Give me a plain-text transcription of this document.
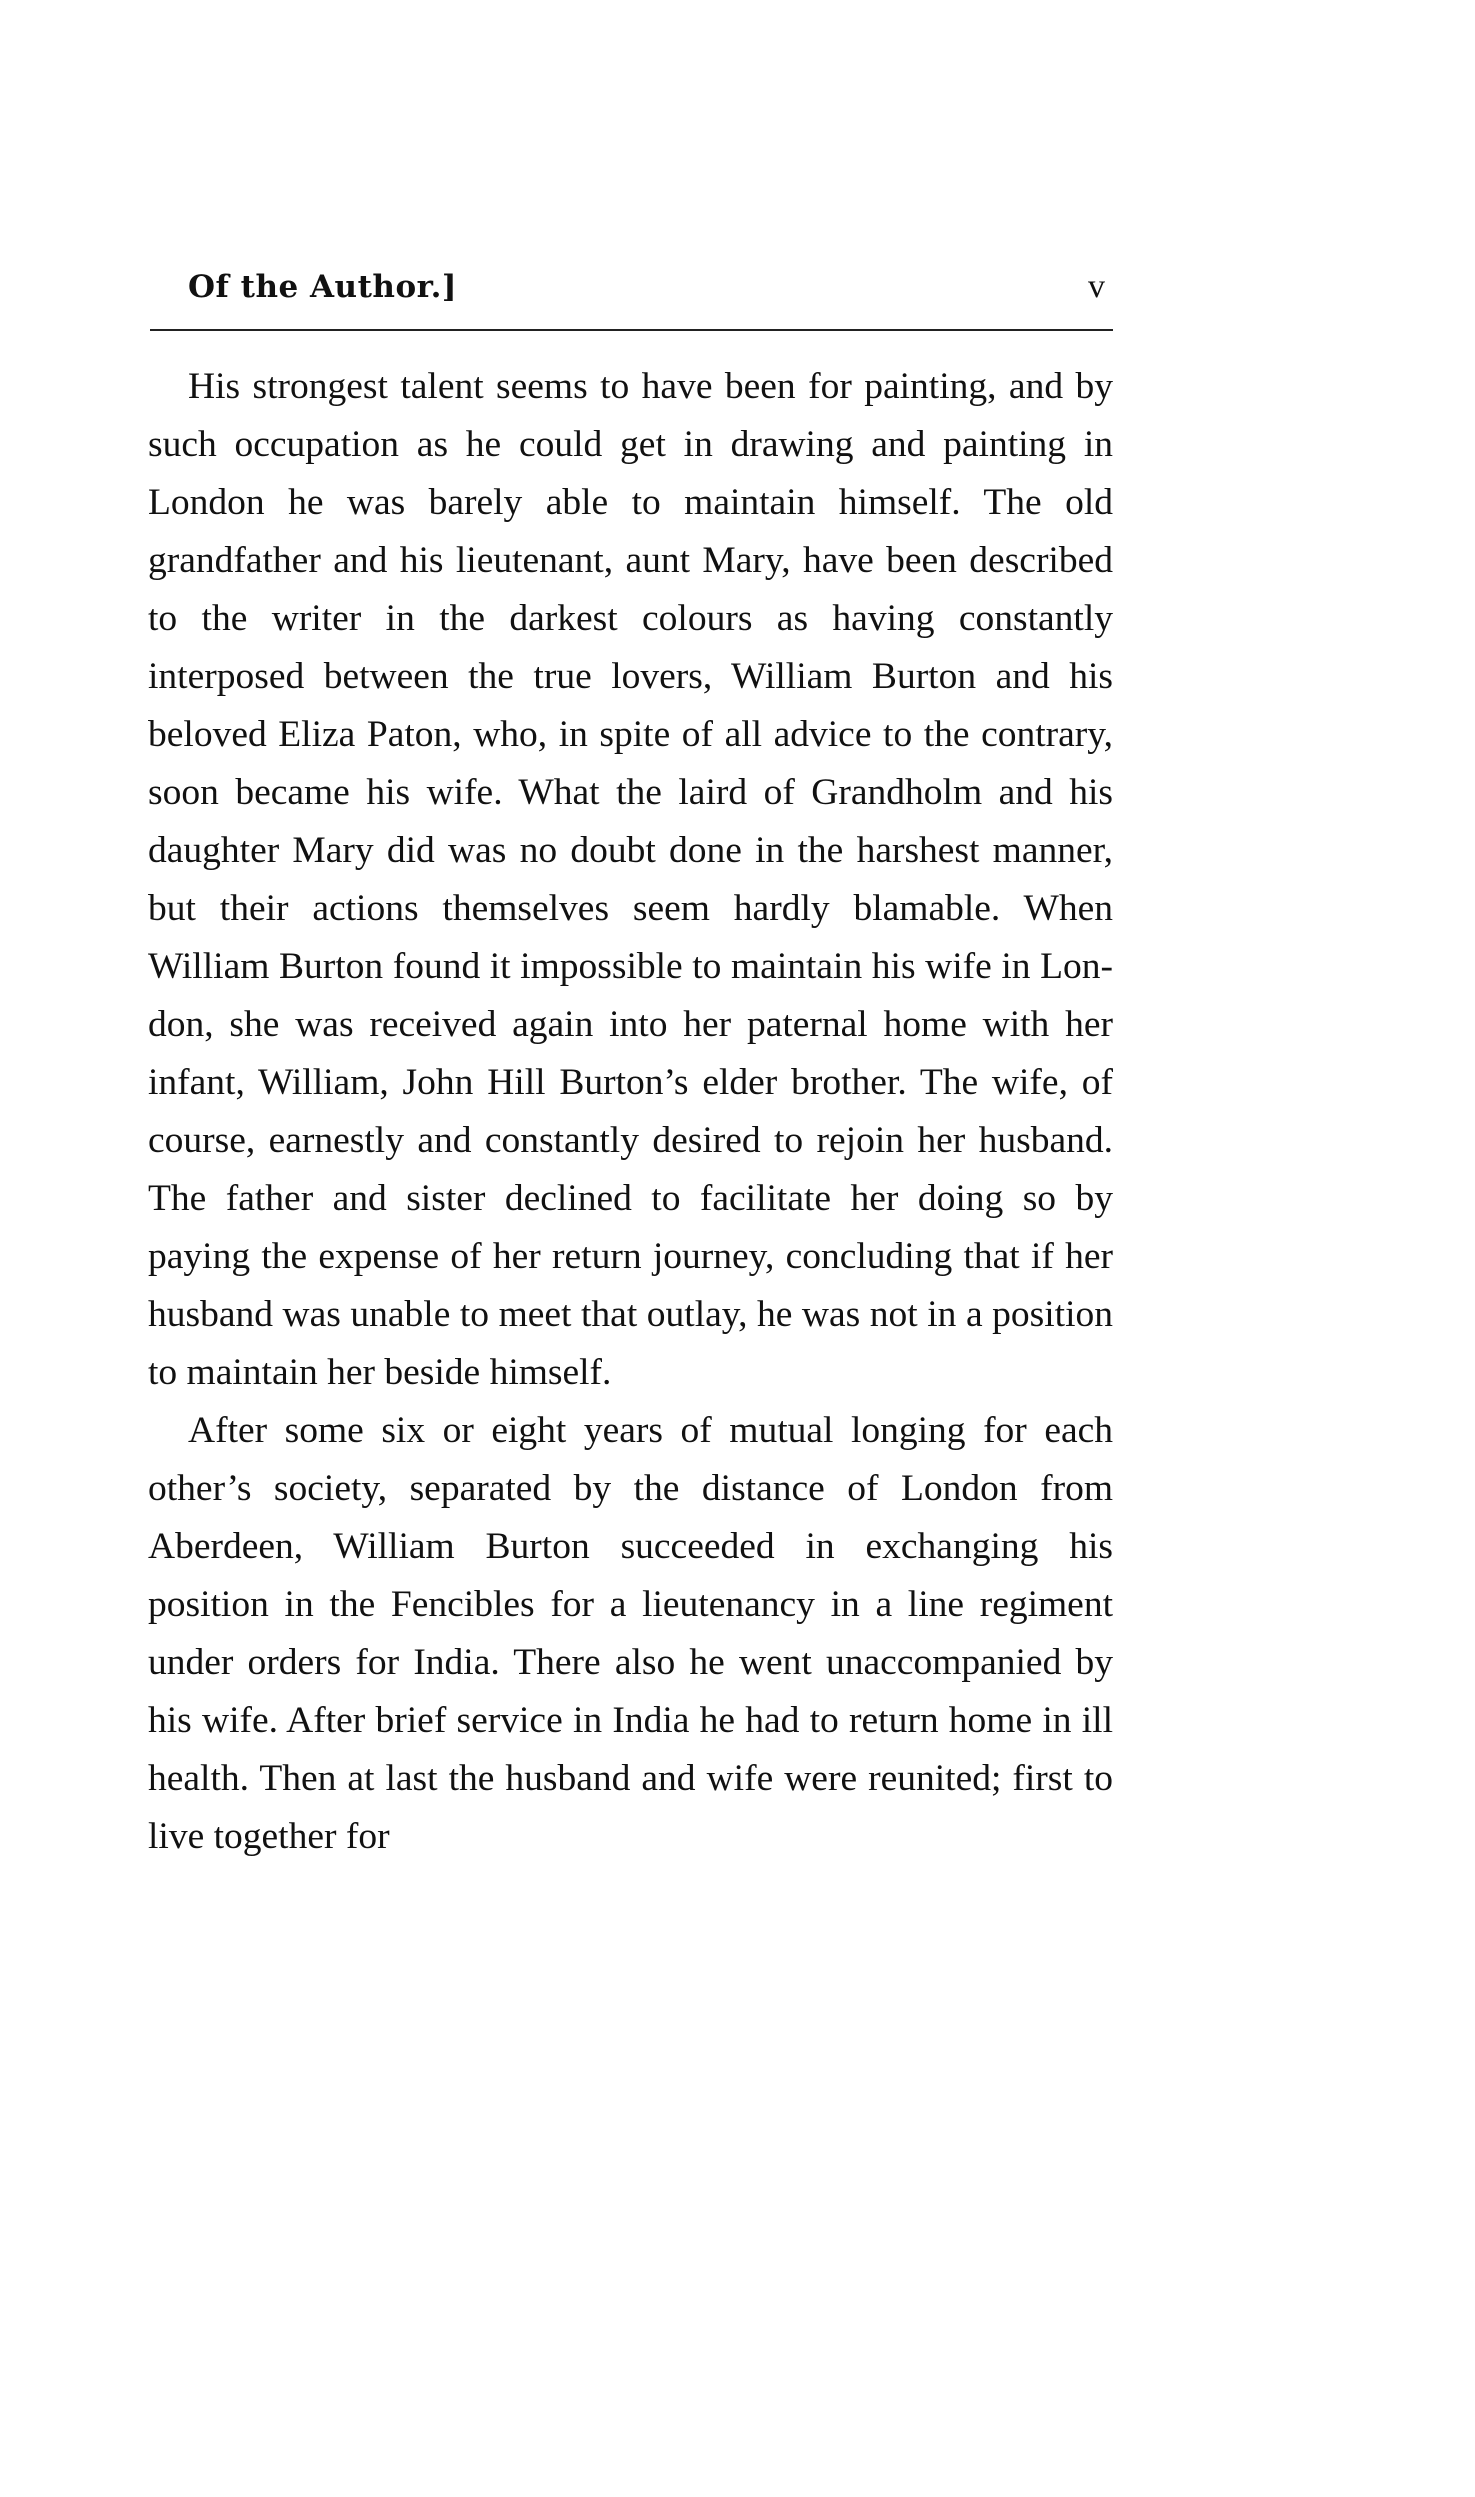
Of the Author.]	v

His strongest talent seems to have been for painting, and by such occupation as he could get in drawing and painting in London he was barely able to maintain himself. The old grandfather and his lieutenant, aunt Mary, have been described to the writer in the darkest colours as having constantly interposed between the true lovers, William Burton and his beloved Eliza Paton, who, in spite of all advice to the contrary, soon became his wife. What the laird of Grandholm and his daughter Mary did was no doubt done in the harshest manner, but their actions themselves seem hardly blamable. When William Burton found it impossible to maintain his wife in London, she was received again into her paternal home with her infant, William, John Hill Burton’s elder brother. The wife, of course, earnestly and constantly desired to rejoin her husband. The father and sister declined to facilitate her doing so by paying the expense of her return journey, concluding that if her husband was unable to meet that outlay, he was not in a position to maintain her beside himself.

After some six or eight years of mutual longing for each other’s society, separated by the distance of London from Aberdeen, William Burton succeeded in exchanging his position in the Fencibles for a lieutenancy in a line regiment under orders for India. There also he went unaccompanied by his wife. After brief service in India he had to return home in ill health. Then at last the husband and wife were reunited; first to live together for
